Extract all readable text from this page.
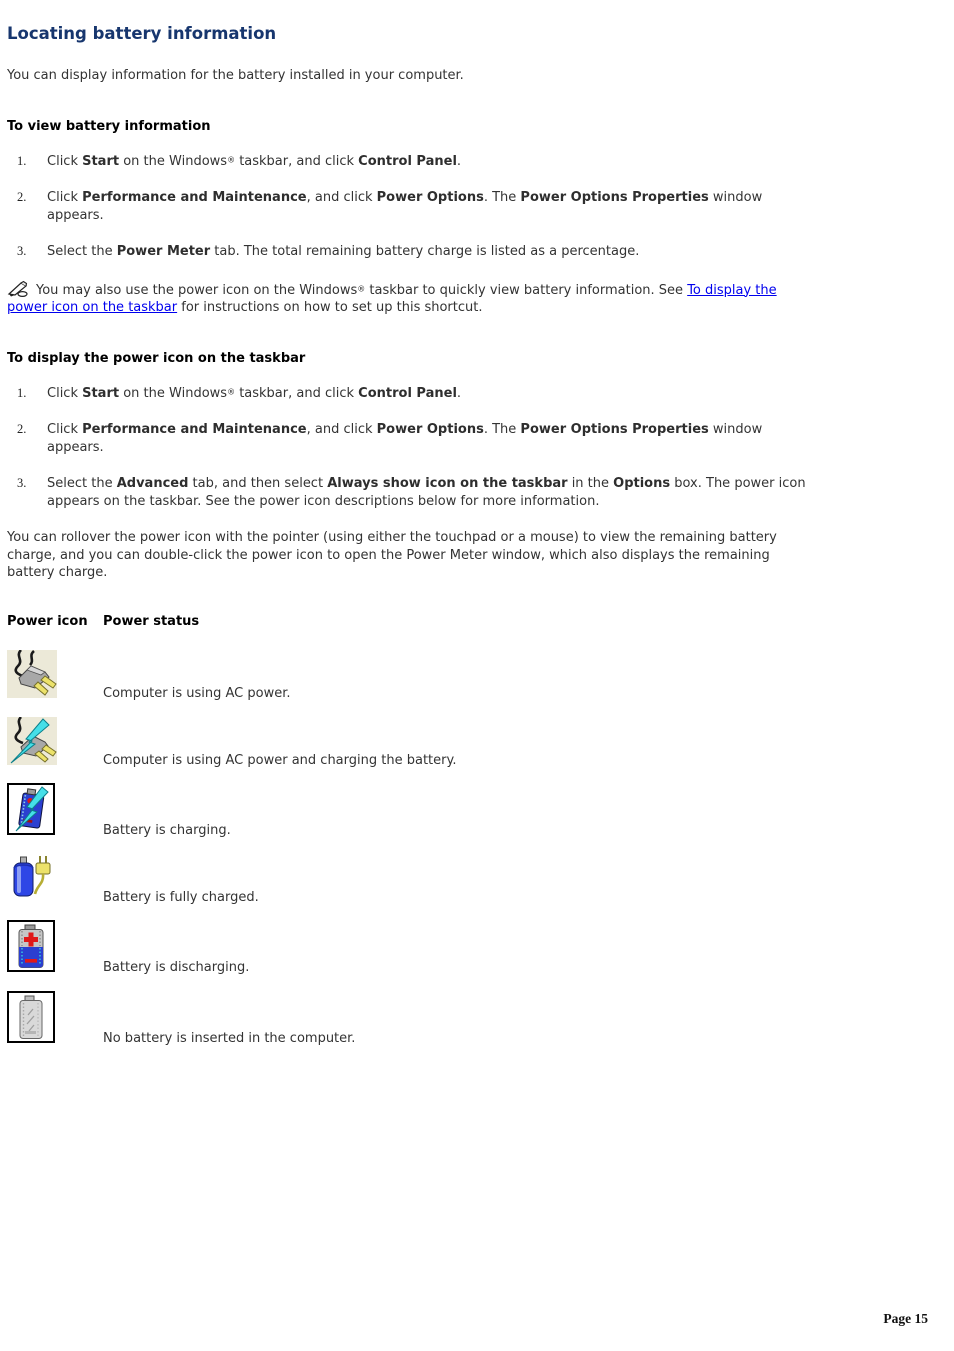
Locating battery information

You can display information for the battery installed in your computer.

To view battery information
Click Start on the Windows® taskbar, and click Control Panel.
Click Performance and Maintenance, and click Power Options. The Power Options Properties window
appears.
Select the Power Meter tab. The total remaining battery charge is listed as a percentage.

You may also use the power icon on the Windows® taskbar to quickly view battery information. See To display the
power icon on the taskbar for instructions on how to set up this shortcut.

To display the power icon on the taskbar
Click Start on the Windows® taskbar, and click Control Panel.
Click Performance and Maintenance, and click Power Options. The Power Options Properties window
appears.
Select the Advanced tab, and then select Always show icon on the taskbar in the Options box. The power icon
appears on the taskbar. See the power icon descriptions below for more information.

You can rollover the power icon with the pointer (using either the touchpad or a mouse) to view the remaining battery
charge, and you can double-click the power icon to open the Power Meter window, which also displays the remaining
battery charge.

Power icon	Power status
Computer is using AC power.
Computer is using AC power and charging the battery.
Battery is charging.
Battery is fully charged.
Battery is discharging.
No battery is inserted in the computer.
Page 15
